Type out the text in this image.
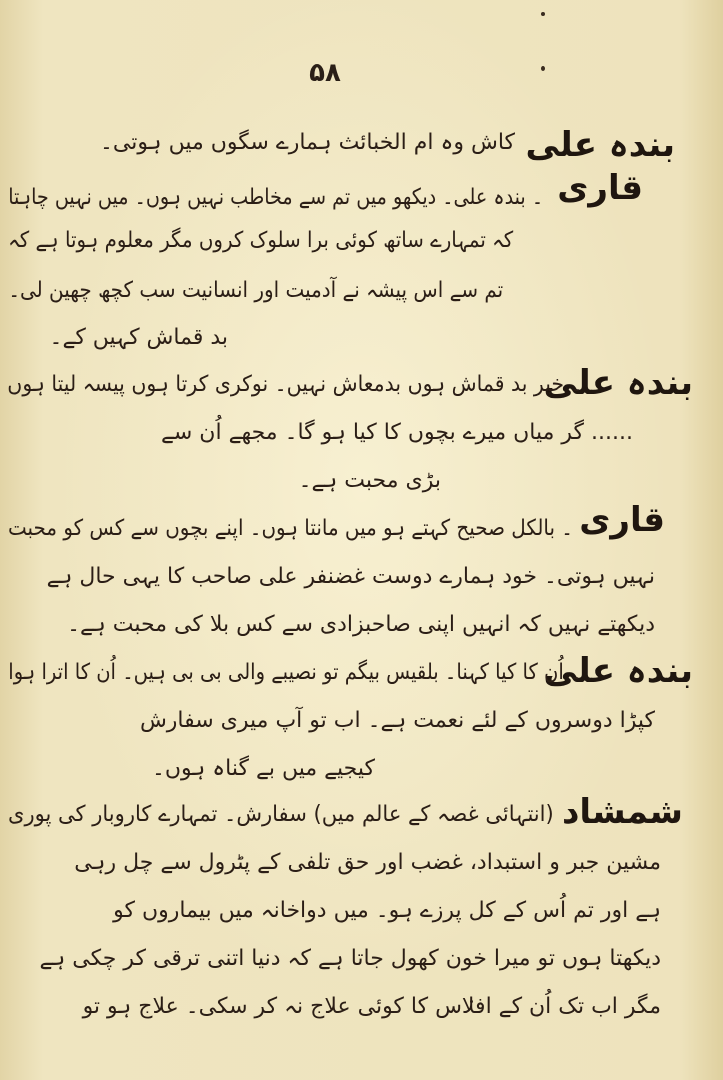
۵۸
بندہ علی
قاری
بندہ علی
قاری
بندہ علی
شمشاد
کاش وہ ام الخبائث ہمارے سگوں میں ہوتی۔
۔ بندہ علی۔ دیکھو میں تم سے مخاطب نہیں ہوں۔ میں نہیں چاہتا
کہ تمہارے ساتھ کوئی برا سلوک کروں مگر معلوم ہوتا ہے کہ
تم سے اس پیشہ نے آدمیت اور انسانیت سب کچھ چھین لی۔
بد قماش کہیں کے۔
۔ خیر بد قماش ہوں بدمعاش نہیں۔ نوکری کرتا ہوں پیسہ لیتا ہوں
...... گر میاں میرے بچوں کا کیا ہو گا۔ مجھے اُن سے
بڑی محبت ہے۔
۔ بالکل صحیح کہتے ہو میں مانتا ہوں۔ اپنے بچوں سے کس کو محبت
نہیں ہوتی۔ خود ہمارے دوست غضنفر علی صاحب کا یہی حال ہے
دیکھتے نہیں کہ انہیں اپنی صاحبزادی سے کس بلا کی محبت ہے۔
۔ اُن کا کیا کہنا۔ بلقیس بیگم تو نصیبے والی بی بی ہیں۔ اُن کا اترا ہوا
کپڑا دوسروں کے لئے نعمت ہے۔ اب تو آپ میری سفارش
کیجیے میں بے گناہ ہوں۔
۔ (انتہائی غصہ کے عالم میں) سفارش۔ تمہارے کاروبار کی پوری
مشین جبر و استبداد، غضب اور حق تلفی کے پٹرول سے چل رہی
ہے اور تم اُس کے کل پرزے ہو۔ میں دواخانہ میں بیماروں کو
دیکھتا ہوں تو میرا خون کھول جاتا ہے کہ دنیا اتنی ترقی کر چکی ہے
مگر اب تک اُن کے افلاس کا کوئی علاج نہ کر سکی۔ علاج ہو تو
